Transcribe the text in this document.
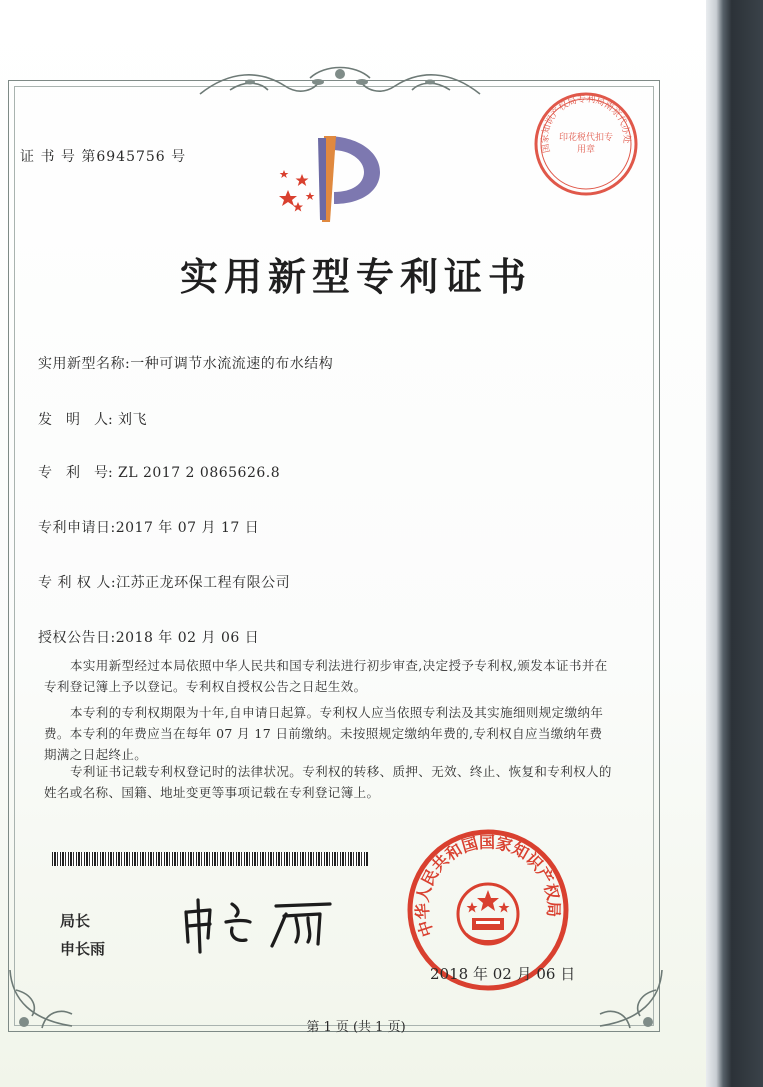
国家知识产权局专利局南京代办处
印花税代扣专用章
证 书 号 第6945756 号
实用新型专利证书
实用新型名称:一种可调节水流流速的布水结构
发　明　人: 刘飞
专　利　号: ZL 2017 2 0865626.8
专利申请日:2017 年 07 月 17 日
专 利 权 人:江苏正龙环保工程有限公司
授权公告日:2018 年 02 月 06 日
本实用新型经过本局依照中华人民共和国专利法进行初步审查,决定授予专利权,颁发本证书并在专利登记簿上予以登记。专利权自授权公告之日起生效。
本专利的专利权期限为十年,自申请日起算。专利权人应当依照专利法及其实施细则规定缴纳年费。本专利的年费应当在每年 07 月 17 日前缴纳。未按照规定缴纳年费的,专利权自应当缴纳年费期满之日起终止。
专利证书记载专利权登记时的法律状况。专利权的转移、质押、无效、终止、恢复和专利权人的姓名或名称、国籍、地址变更等事项记载在专利登记簿上。
局长
申长雨
中华人民共和国国家知识产权局
2018 年 02 月 06 日
第 1 页 (共 1 页)
